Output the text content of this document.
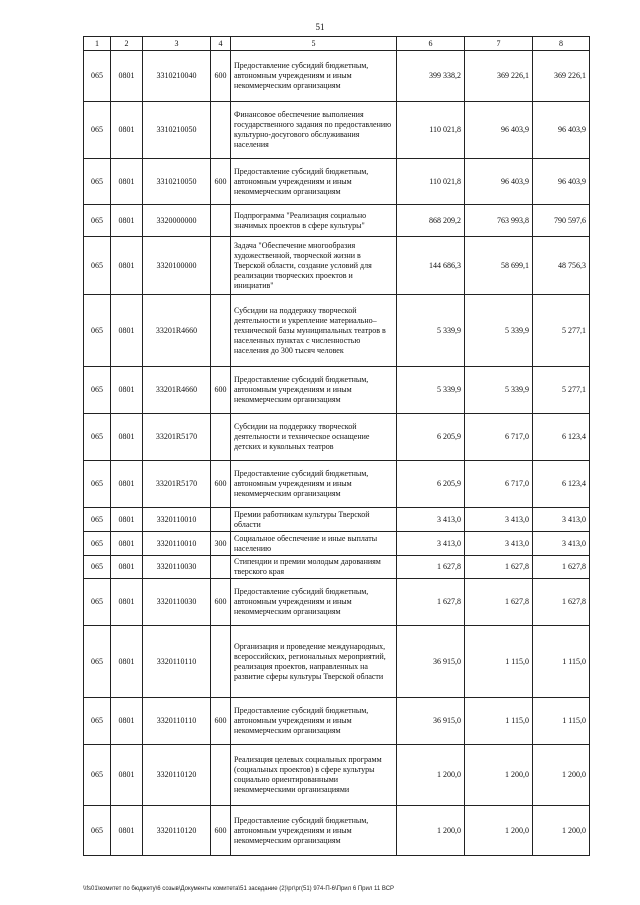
51
1	2	3	4	5	6	7	8
065	0801	3310210040	600	Предоставление субсидий бюджетным, автономным учреждениям и иным некоммерческим организациям	399 338,2	369 226,1	369 226,1
065	0801	3310210050		Финансовое обеспечение выполнения государственного задания по предоставлению культурно-досугового обслуживания населения	110 021,8	96 403,9	96 403,9
065	0801	3310210050	600	Предоставление субсидий бюджетным, автономным учреждениям и иным некоммерческим организациям	110 021,8	96 403,9	96 403,9
065	0801	3320000000		Подпрограмма "Реализация социально значимых проектов в сфере культуры"	868 209,2	763 993,8	790 597,6
065	0801	3320100000		Задача "Обеспечение многообразия художественной, творческой жизни в Тверской области, создание условий для реализации творческих проектов и инициатив"	144 686,3	58 699,1	48 756,3
065	0801	33201R4660		Субсидии на поддержку творческой деятельности и укрепление материально–технической базы муниципальных театров в населенных пунктах с численностью населения до 300 тысяч человек	5 339,9	5 339,9	5 277,1
065	0801	33201R4660	600	Предоставление субсидий бюджетным, автономным учреждениям и иным некоммерческим организациям	5 339,9	5 339,9	5 277,1
065	0801	33201R5170		Субсидии на поддержку творческой деятельности и техническое оснащение детских и кукольных театров	6 205,9	6 717,0	6 123,4
065	0801	33201R5170	600	Предоставление субсидий бюджетным, автономным учреждениям и иным некоммерческим организациям	6 205,9	6 717,0	6 123,4
065	0801	3320110010		Премии работникам культуры Тверской области	3 413,0	3 413,0	3 413,0
065	0801	3320110010	300	Социальное обеспечение и иные выплаты населению	3 413,0	3 413,0	3 413,0
065	0801	3320110030		Стипендии и премии молодым дарованиям тверского края	1 627,8	1 627,8	1 627,8
065	0801	3320110030	600	Предоставление субсидий бюджетным, автономным учреждениям и иным некоммерческим организациям	1 627,8	1 627,8	1 627,8
065	0801	3320110110		Организация и проведение международных, всероссийских, региональных мероприятий, реализация проектов, направленных на развитие сферы культуры Тверской области	36 915,0	1 115,0	1 115,0
065	0801	3320110110	600	Предоставление субсидий бюджетным, автономным учреждениям и иным некоммерческим организациям	36 915,0	1 115,0	1 115,0
065	0801	3320110120		Реализация целевых социальных программ (социальных проектов) в сфере культуры социально ориентированными некоммерческими организациями	1 200,0	1 200,0	1 200,0
065	0801	3320110120	600	Предоставление субсидий бюджетным, автономным учреждениям и иным некоммерческим организациям	1 200,0	1 200,0	1 200,0
\\fs01\комитет по бюджету\6 созыв\Документы комитета\51 заседание (2)\рг\рг(51) 974-П-6\Прил 6 Прил 11 ВСР
